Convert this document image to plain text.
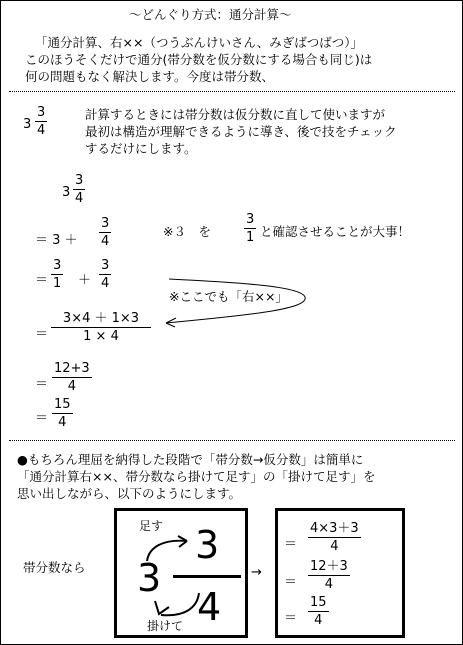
～どんぐり方式：通分計算～
「通分計算、右××（つうぶんけいさん、みぎばつばつ）」
このほうそくだけで通分(帯分数を仮分数にする場合も同じ)は
何の問題もなく解決します。今度は帯分数、
3
3
4
計算するときには帯分数は仮分数に直して使いますが
最初は構造が理解できるように導き、後で技をチェック
するだけにします。
3
3
4
＝ 3 ＋
3
4
※３　を
3
1 と確認させることが大事！
＝
3
1 ＋
3
4
※ここでも「右××」
＝
3×4 ＋ 1×3
1 × 4
＝
12+3
4
＝
15
4
●もちろん理屈を納得した段階で「帯分数→仮分数」は簡単に
「通分計算右××、帯分数なら掛けて足す」の「掛けて足す」を
思い出しながら、以下のようにします。
帯分数なら 3
3
4
足す
掛けて
→
＝
4×3＋3
4
＝
12＋3
4
＝
15
4
